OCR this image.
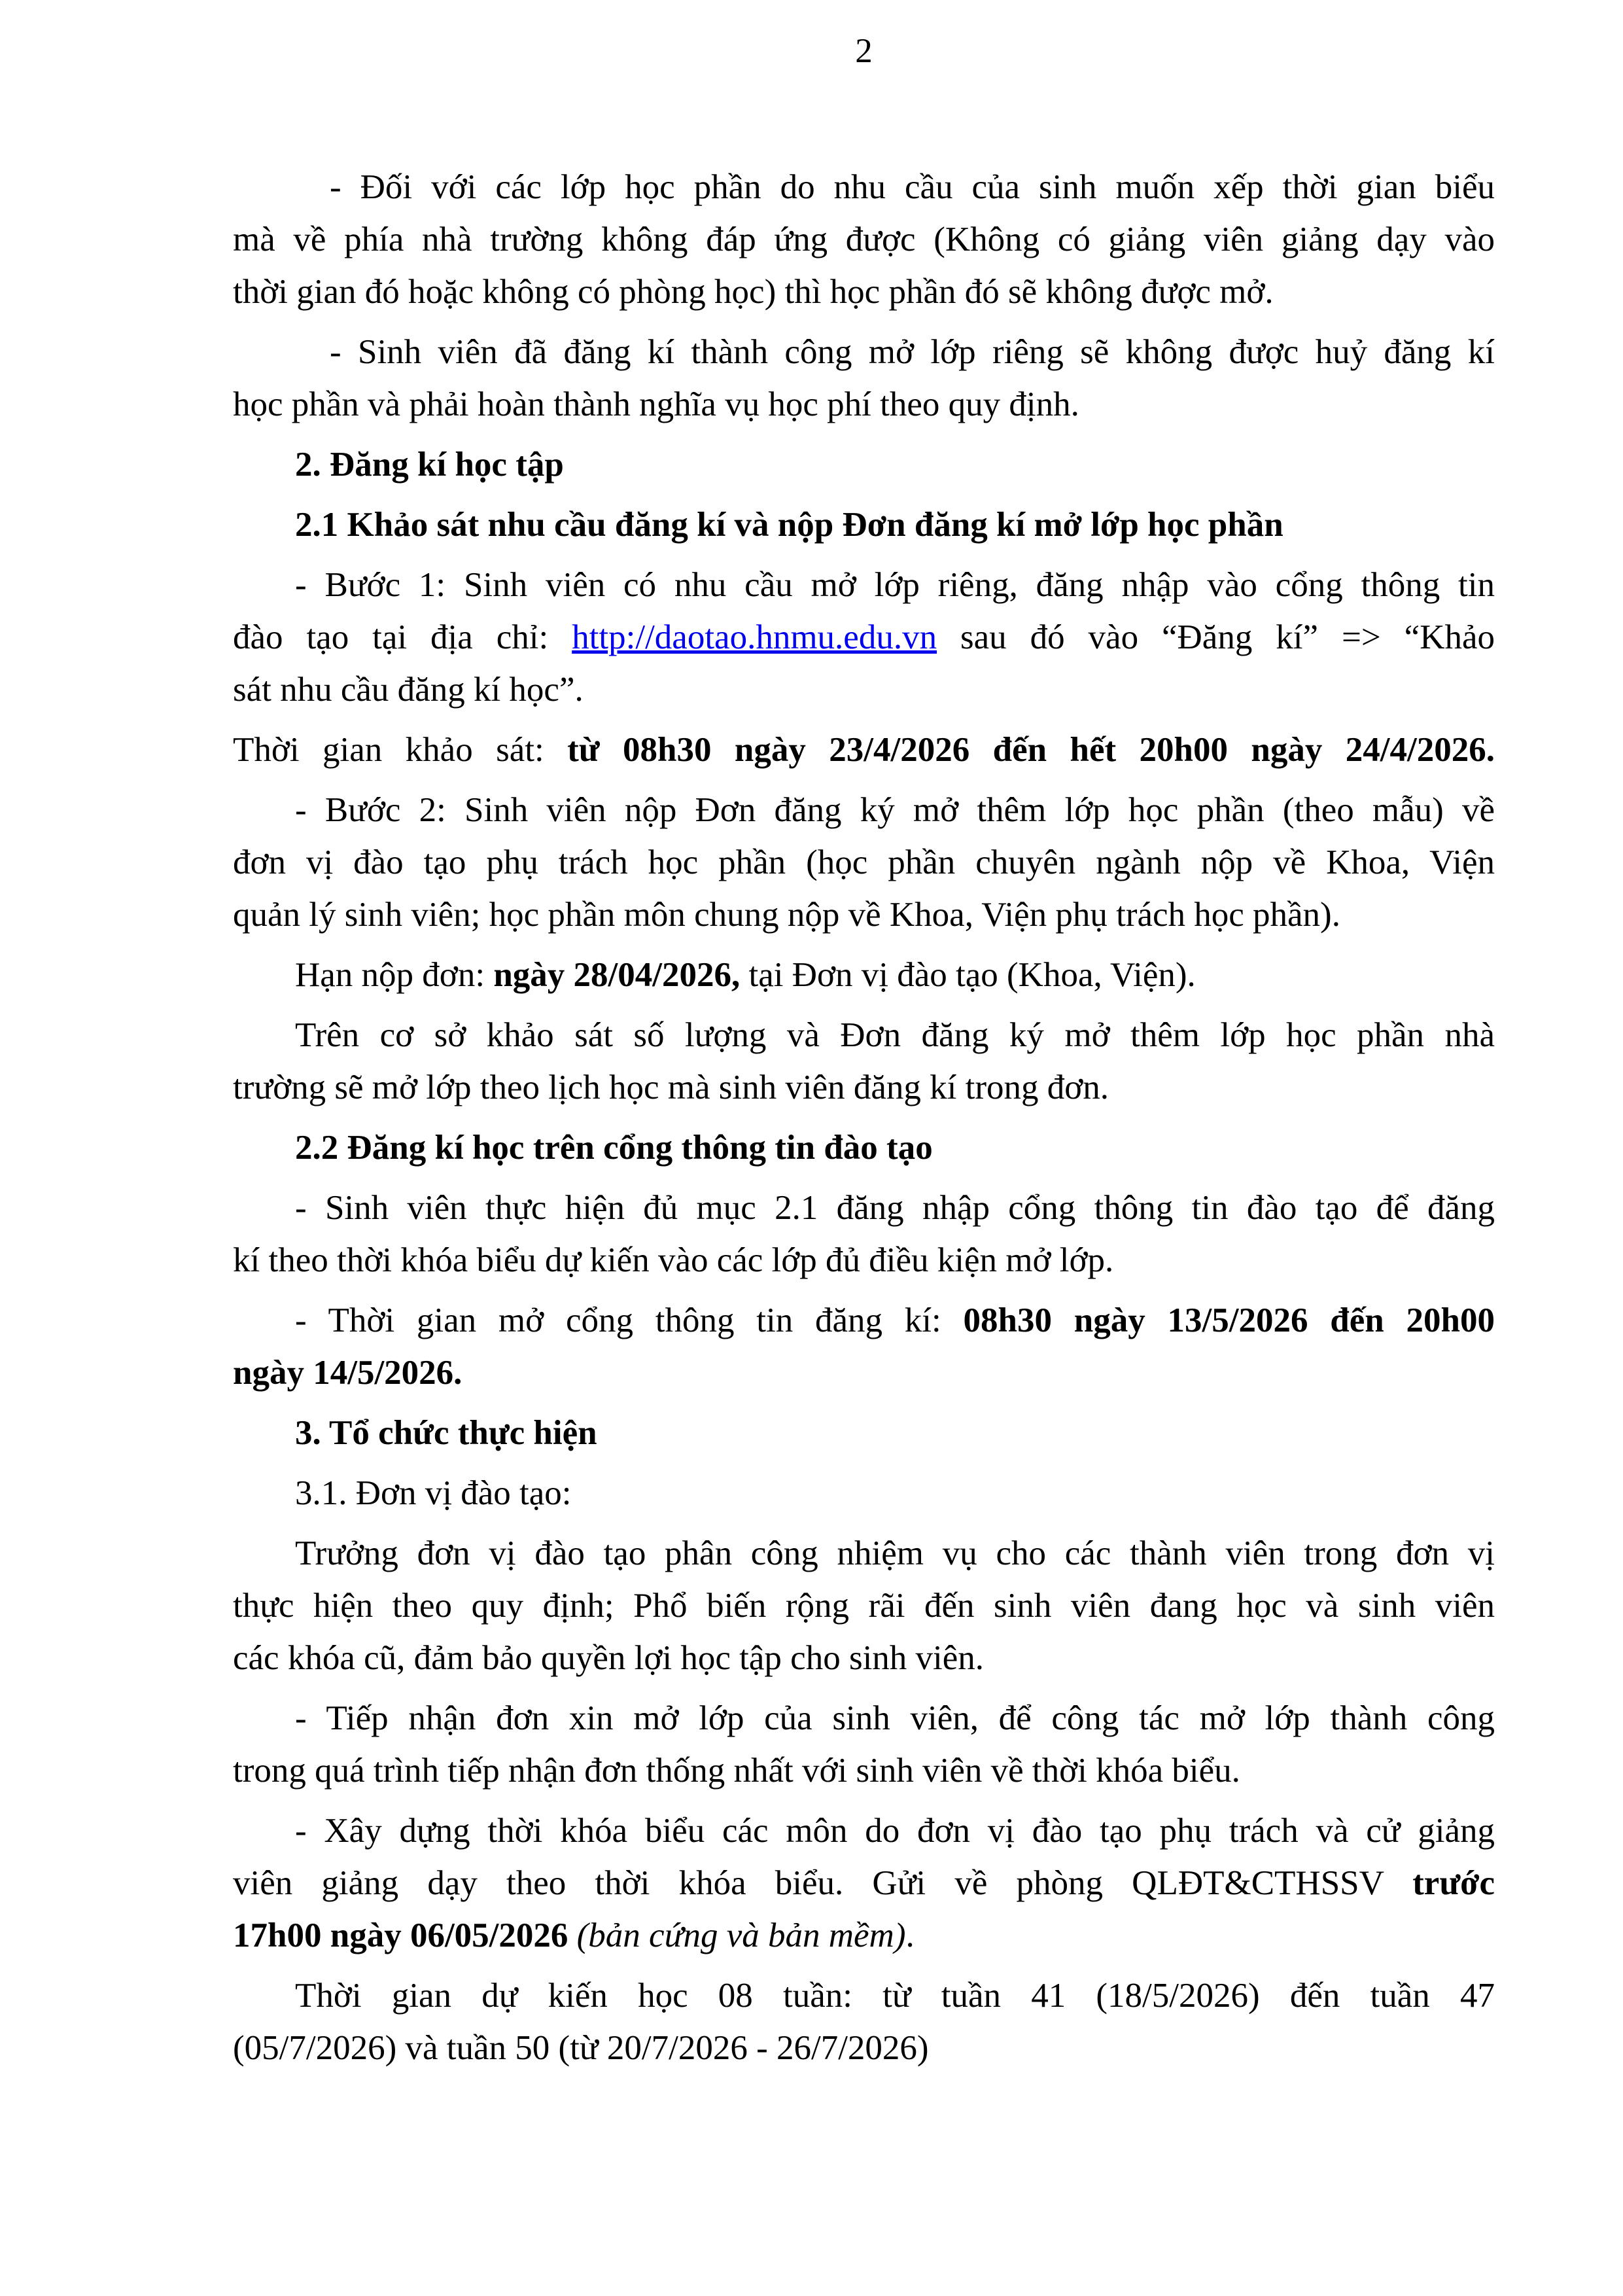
2

- Đối với các lớp học phần do nhu cầu của sinh muốn xếp thời gian biểu
mà về phía nhà trường không đáp ứng được (Không có giảng viên giảng dạy vào
thời gian đó hoặc không có phòng học) thì học phần đó sẽ không được mở.

- Sinh viên đã đăng kí thành công mở lớp riêng sẽ không được huỷ đăng kí
học phần và phải hoàn thành nghĩa vụ học phí theo quy định.

2. Đăng kí học tập

2.1 Khảo sát nhu cầu đăng kí và nộp Đơn đăng kí mở lớp học phần

- Bước 1: Sinh viên có nhu cầu mở lớp riêng, đăng nhập vào cổng thông tin
đào tạo tại địa chỉ: http://daotao.hnmu.edu.vn sau đó vào “Đăng kí” => “Khảo
sát nhu cầu đăng kí học”.

Thời gian khảo sát: từ 08h30 ngày 23/4/2026 đến hết 20h00 ngày 24/4/2026.

- Bước 2: Sinh viên nộp Đơn đăng ký mở thêm lớp học phần (theo mẫu) về
đơn vị đào tạo phụ trách học phần (học phần chuyên ngành nộp về Khoa, Viện
quản lý sinh viên; học phần môn chung nộp về Khoa, Viện phụ trách học phần).

Hạn nộp đơn: ngày 28/04/2026, tại Đơn vị đào tạo (Khoa, Viện).

Trên cơ sở khảo sát số lượng và Đơn đăng ký mở thêm lớp học phần nhà
trường sẽ mở lớp theo lịch học mà sinh viên đăng kí trong đơn.

2.2 Đăng kí học trên cổng thông tin đào tạo

- Sinh viên thực hiện đủ mục 2.1 đăng nhập cổng thông tin đào tạo để đăng
kí theo thời khóa biểu dự kiến vào các lớp đủ điều kiện mở lớp.

- Thời gian mở cổng thông tin đăng kí: 08h30 ngày 13/5/2026 đến 20h00
ngày 14/5/2026.

3. Tổ chức thực hiện

3.1. Đơn vị đào tạo:

Trưởng đơn vị đào tạo phân công nhiệm vụ cho các thành viên trong đơn vị
thực hiện theo quy định; Phổ biến rộng rãi đến sinh viên đang học và sinh viên
các khóa cũ, đảm bảo quyền lợi học tập cho sinh viên.

- Tiếp nhận đơn xin mở lớp của sinh viên, để công tác mở lớp thành công
trong quá trình tiếp nhận đơn thống nhất với sinh viên về thời khóa biểu.

- Xây dựng thời khóa biểu các môn do đơn vị đào tạo phụ trách và cử giảng
viên giảng dạy theo thời khóa biểu. Gửi về phòng QLĐT&CTHSSV trước
17h00 ngày 06/05/2026 (bản cứng và bản mềm).

Thời gian dự kiến học 08 tuần: từ tuần 41 (18/5/2026) đến tuần 47
(05/7/2026) và tuần 50 (từ 20/7/2026 - 26/7/2026)
